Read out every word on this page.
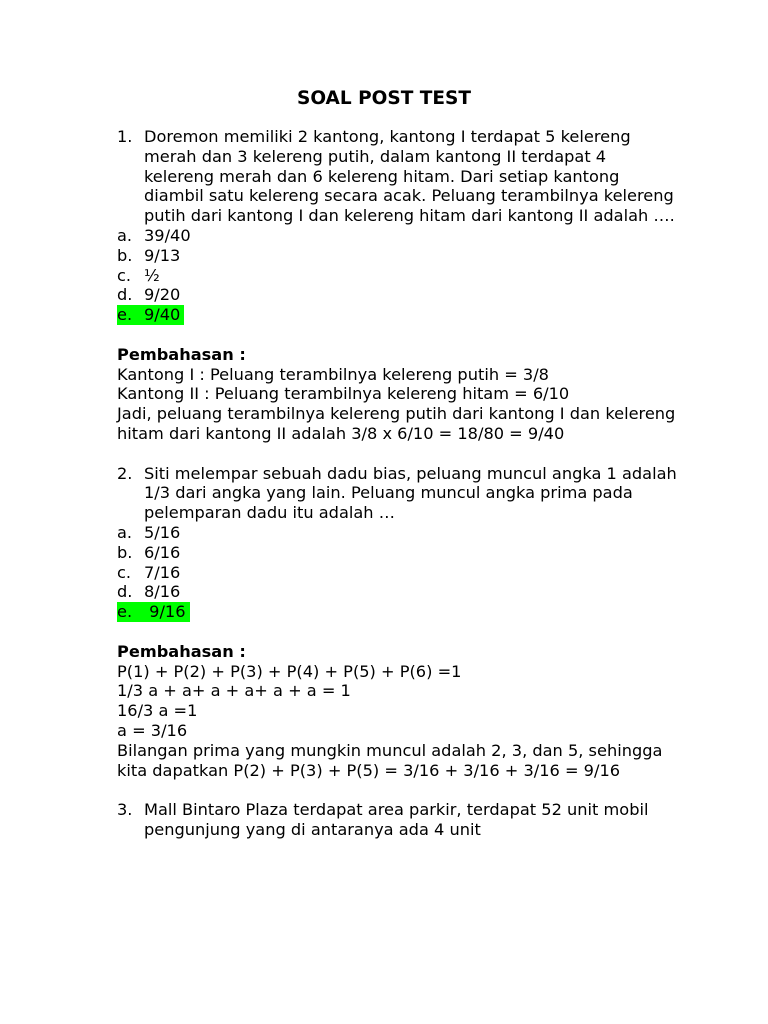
SOAL POST TEST
1. Doremon memiliki 2 kantong, kantong I terdapat 5 kelereng merah dan 3 kelereng putih, dalam kantong II terdapat 4 kelereng merah dan 6 kelereng hitam. Dari setiap kantong diambil satu kelereng secara acak. Peluang terambilnya kelereng putih dari kantong I dan kelereng hitam dari kantong II adalah ….
a. 39/40
b. 9/13
c. ½
d. 9/20
e. 9/40
Pembahasan :
Kantong I : Peluang terambilnya kelereng putih = 3/8
Kantong II : Peluang terambilnya kelereng hitam = 6/10
Jadi, peluang terambilnya kelereng putih dari kantong I dan kelereng hitam dari kantong II adalah 3/8 x 6/10 = 18/80 = 9/40
2. Siti melempar sebuah dadu bias, peluang muncul angka 1 adalah 1/3 dari angka yang lain. Peluang muncul angka prima pada pelemparan dadu itu adalah …
a. 5/16
b. 6/16
c. 7/16
d. 8/16
e. 9/16
Pembahasan :
P(1) + P(2) + P(3) + P(4) + P(5) + P(6) =1
1/3 a + a+ a + a+ a + a = 1
16/3 a =1
a = 3/16
Bilangan prima yang mungkin muncul adalah 2, 3, dan 5, sehingga kita dapatkan P(2) + P(3) + P(5) = 3/16 + 3/16 + 3/16 = 9/16
3. Mall Bintaro Plaza terdapat area parkir, terdapat 52 unit mobil pengunjung yang di antaranya ada 4 unit
